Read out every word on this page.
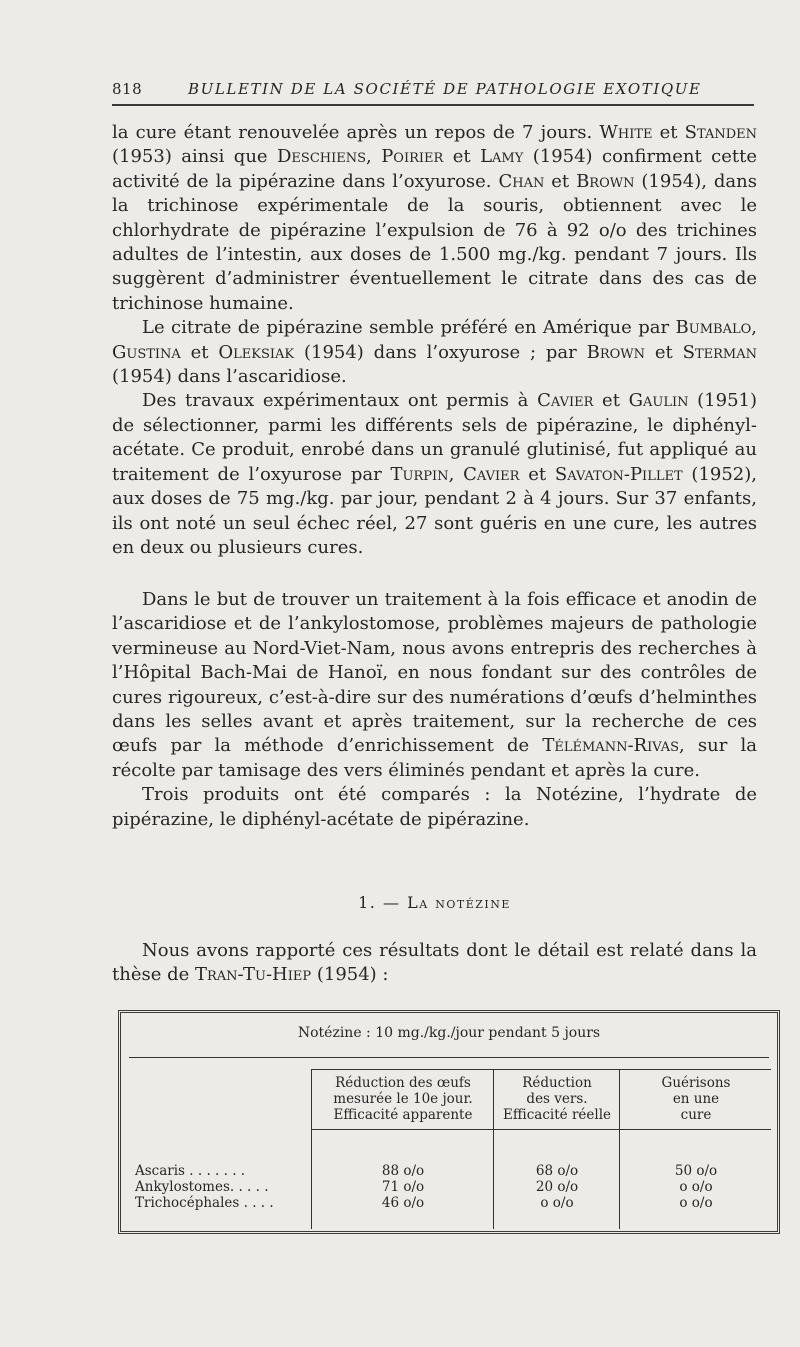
818	BULLETIN DE LA SOCIÉTÉ DE PATHOLOGIE EXOTIQUE

la cure étant renouvelée après un repos de 7 jours. White et Standen (1953) ainsi que Deschiens, Poirier et Lamy (1954) confirment cette activité de la pipérazine dans l’oxyurose. Chan et Brown (1954), dans la trichinose expérimentale de la souris, obtiennent avec le chlorhydrate de pipérazine l’expulsion de 76 à 92 o/o des trichines adultes de l’intestin, aux doses de 1.500 mg./kg. pendant 7 jours. Ils suggèrent d’administrer éventuellement le citrate dans des cas de trichinose humaine.

Le citrate de pipérazine semble préféré en Amérique par Bumbalo, Gustina et Oleksiak (1954) dans l’oxyurose ; par Brown et Sterman (1954) dans l’ascaridiose.

Des travaux expérimentaux ont permis à Cavier et Gaulin (1951) de sélectionner, parmi les différents sels de pipérazine, le diphényl-acétate. Ce produit, enrobé dans un granulé glutinisé, fut appliqué au traitement de l’oxyurose par Turpin, Cavier et Savaton-Pillet (1952), aux doses de 75 mg./kg. par jour, pendant 2 à 4 jours. Sur 37 enfants, ils ont noté un seul échec réel, 27 sont guéris en une cure, les autres en deux ou plusieurs cures.

Dans le but de trouver un traitement à la fois efficace et anodin de l’ascaridiose et de l’ankylostomose, problèmes majeurs de pathologie vermineuse au Nord-Viet-Nam, nous avons entrepris des recherches à l’Hôpital Bach-Mai de Hanoï, en nous fondant sur des contrôles de cures rigoureux, c’est-à-dire sur des numérations d’œufs d’helminthes dans les selles avant et après traitement, sur la recherche de ces œufs par la méthode d’enrichissement de Télémann-Rivas, sur la récolte par tamisage des vers éliminés pendant et après la cure.

Trois produits ont été comparés : la Notézine, l’hydrate de pipérazine, le diphényl-acétate de pipérazine.

1. — La notézine

Nous avons rapporté ces résultats dont le détail est relaté dans la thèse de Tran-Tu-Hiep (1954) :

Notézine : 10 mg./kg./jour pendant 5 jours
Réduction des œufs
mesurée le 10e jour.
Efficacité apparente
Réduction
des vers.
Efficacité réelle
Guérisons
en une
cure
Ascaris . . . . . . .	88 o/o	68 o/o	50 o/o
Ankylostomes. . . . .	71 o/o	20 o/o	o o/o
Trichocéphales . . . .	46 o/o	o o/o	o o/o
